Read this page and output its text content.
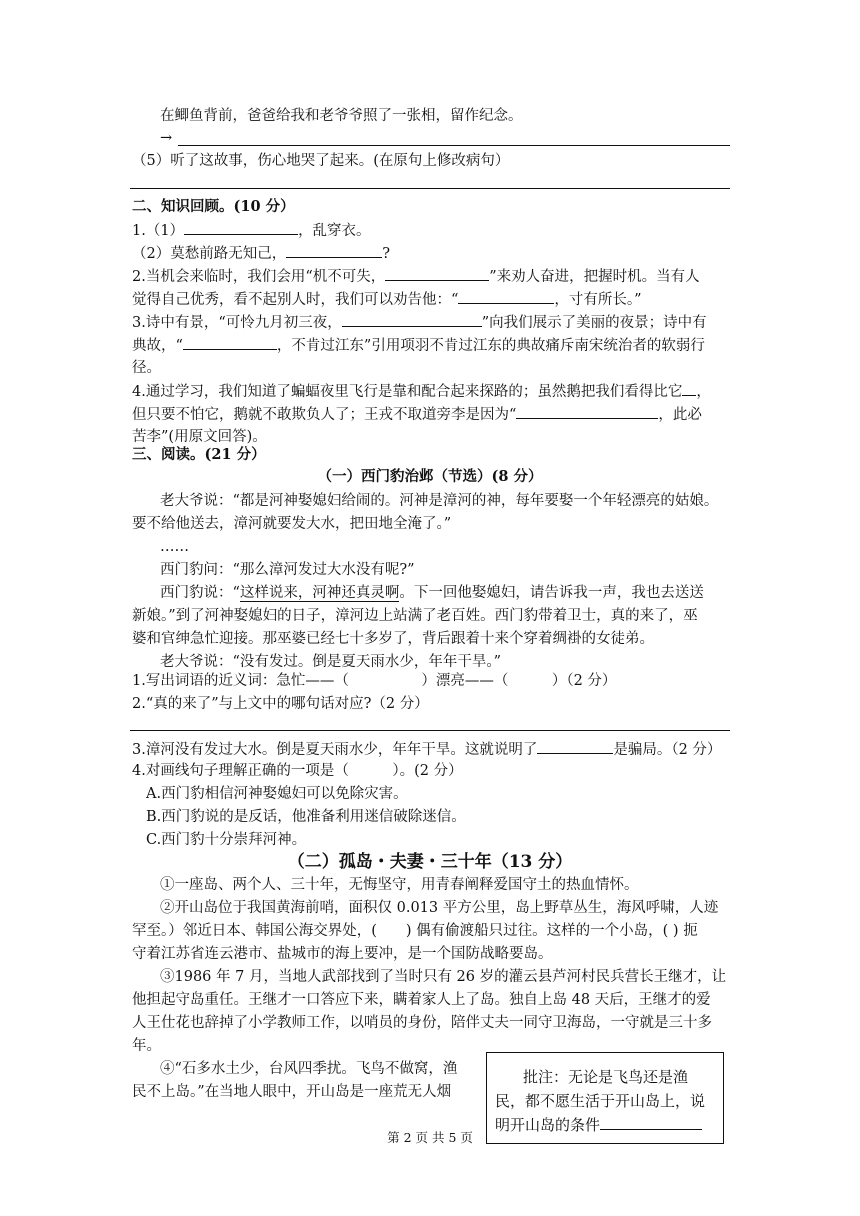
在鲫鱼背前，爸爸给我和老爷爷照了一张相，留作纪念。
→
（5）听了这故事，伤心地哭了起来。(在原句上修改病句）
二、知识回顾。(10 分）
1.（1）	，乱穿衣。
（2）莫愁前路无知己，	?
2.当机会来临时，我们会用“机不可失，	”来劝人奋进，把握时机。当有人
觉得自己优秀，看不起别人时，我们可以劝告他：“	，寸有所长。”
3.诗中有景，“可怜九月初三夜，	”向我们展示了美丽的夜景；诗中有
典故，“	，不肯过江东”引用项羽不肯过江东的典故痛斥南宋统治者的软弱行
径。
4.通过学习，我们知道了蝙蝠夜里飞行是靠和配合起来探路的；虽然鹅把我们看得比它 ，
但只要不怕它，鹅就不敢欺负人了；王戎不取道旁李是因为“	，此必
苦李”(用原文回答)。
三、阅读。(21 分）
（一）西门豹治邺（节选）(8 分）
老大爷说：“都是河神娶媳妇给闹的。河神是漳河的神，每年要娶一个年轻漂亮的姑娘。
要不给他送去，漳河就要发大水，把田地全淹了。”
……
西门豹问：“那么漳河发过大水没有呢?”
西门豹说：“这样说来，河神还真灵啊。下一回他娶媳妇，请告诉我一声，我也去送送
新娘。”到了河神娶媳妇的日子，漳河边上站满了老百姓。西门豹带着卫士，真的来了，巫
婆和官绅急忙迎接。那巫婆已经七十多岁了，背后跟着十来个穿着绸褂的女徒弟。
老大爷说：“没有发过。倒是夏天雨水少，年年干旱。”
1.写出词语的近义词：急忙——（　　　　　）漂亮——（　　　）（2 分）
2.“真的来了”与上文中的哪句话对应?（2 分）
3.漳河没有发过大水。倒是夏天雨水少，年年干旱。这就说明了	是骗局。（2 分）
4.对画线句子理解正确的一项是（　　　）。(2 分）
A.西门豹相信河神娶媳妇可以免除灾害。
B.西门豹说的是反话，他准备利用迷信破除迷信。
C.西门豹十分崇拜河神。
（二）孤岛・夫妻・三十年（13 分）
①一座岛、两个人、三十年，无悔坚守，用青春阐释爱国守土的热血情怀。
②开山岛位于我国黄海前哨，面积仅 0.013 平方公里，岛上野草丛生，海风呼啸，人迹
罕至。）邻近日本、韩国公海交界处，(　　) 偶有偷渡船只过往。这样的一个小岛，( ) 扼
守着江苏省连云港市、盐城市的海上要冲，是一个国防战略要岛。
③1986 年 7 月，当地人武部找到了当时只有 26 岁的灌云县芦河村民兵营长王继才，让
他担起守岛重任。王继才一口答应下来，瞒着家人上了岛。独自上岛 48 天后，王继才的爱
人王仕花也辞掉了小学教师工作，以哨员的身份，陪伴丈夫一同守卫海岛，一守就是三十多
年。
④“石多水土少，台风四季扰。飞鸟不做窝，渔
民不上岛。”在当地人眼中，开山岛是一座荒无人烟
批注：无论是飞鸟还是渔
民，都不愿生活于开山岛上，说
明开山岛的条件
第 2 页 共 5 页
